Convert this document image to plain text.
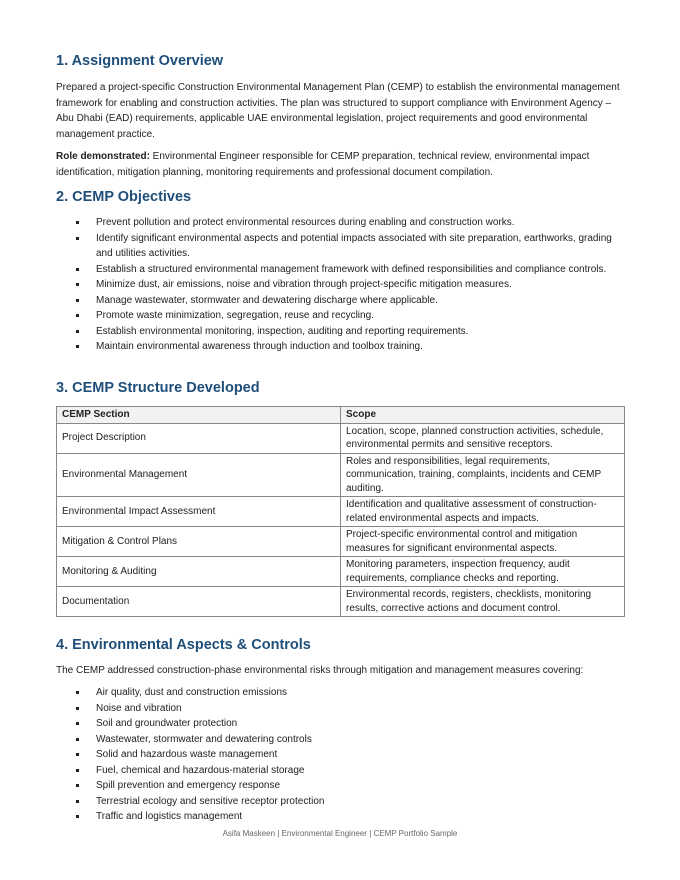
1. Assignment Overview

Prepared a project-specific Construction Environmental Management Plan (CEMP) to establish the environmental management framework for enabling and construction activities. The plan was structured to support compliance with Environment Agency – Abu Dhabi (EAD) requirements, applicable UAE environmental legislation, project requirements and good environmental management practice.

Role demonstrated: Environmental Engineer responsible for CEMP preparation, technical review, environmental impact identification, mitigation planning, monitoring requirements and professional document compilation.

2. CEMP Objectives
Prevent pollution and protect environmental resources during enabling and construction works.
Identify significant environmental aspects and potential impacts associated with site preparation, earthworks, grading and utilities activities.
Establish a structured environmental management framework with defined responsibilities and compliance controls.
Minimize dust, air emissions, noise and vibration through project-specific mitigation measures.
Manage wastewater, stormwater and dewatering discharge where applicable.
Promote waste minimization, segregation, reuse and recycling.
Establish environmental monitoring, inspection, auditing and reporting requirements.
Maintain environmental awareness through induction and toolbox training.
3. CEMP Structure Developed
CEMP Section	Scope
Project Description	Location, scope, planned construction activities, schedule, environmental permits and sensitive receptors.
Environmental Management	Roles and responsibilities, legal requirements, communication, training, complaints, incidents and CEMP auditing.
Environmental Impact Assessment	Identification and qualitative assessment of construction-related environmental aspects and impacts.
Mitigation & Control Plans	Project-specific environmental control and mitigation measures for significant environmental aspects.
Monitoring & Auditing	Monitoring parameters, inspection frequency, audit requirements, compliance checks and reporting.
Documentation	Environmental records, registers, checklists, monitoring results, corrective actions and document control.
4. Environmental Aspects & Controls

The CEMP addressed construction-phase environmental risks through mitigation and management measures covering:

Air quality, dust and construction emissions
Noise and vibration
Soil and groundwater protection
Wastewater, stormwater and dewatering controls
Solid and hazardous waste management
Fuel, chemical and hazardous-material storage
Spill prevention and emergency response
Terrestrial ecology and sensitive receptor protection
Traffic and logistics management
Asifa Maskeen | Environmental Engineer | CEMP Portfolio Sample
